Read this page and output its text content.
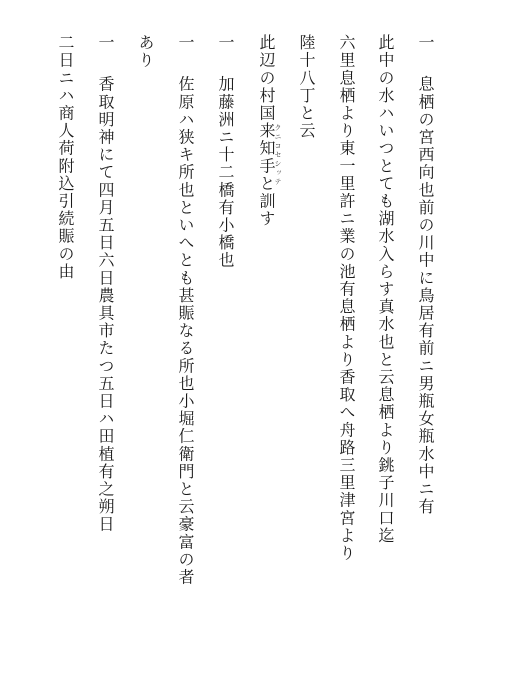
一息栖の宮西向也前の川中に鳥居有前ニ男瓶女瓶水中ニ有
此中の水ハいつとても湖水入らす真水也と云息栖より銚子川口迄
六里息栖より東一里許ニ業の池有息栖より香取へ舟路三里津宮より
陸十八丁と云
此辺の村国来知手と訓す
クニコセシッテ
一加藤洲ニ十二橋有小橋也
一佐原ハ狭キ所也といへとも甚賑なる所也小堀仁衛門と云豪富の者
あり
一香取明神にて四月五日六日農具市たつ五日ハ田植有之朔日
二日ニハ商人荷附込引続賑の由
